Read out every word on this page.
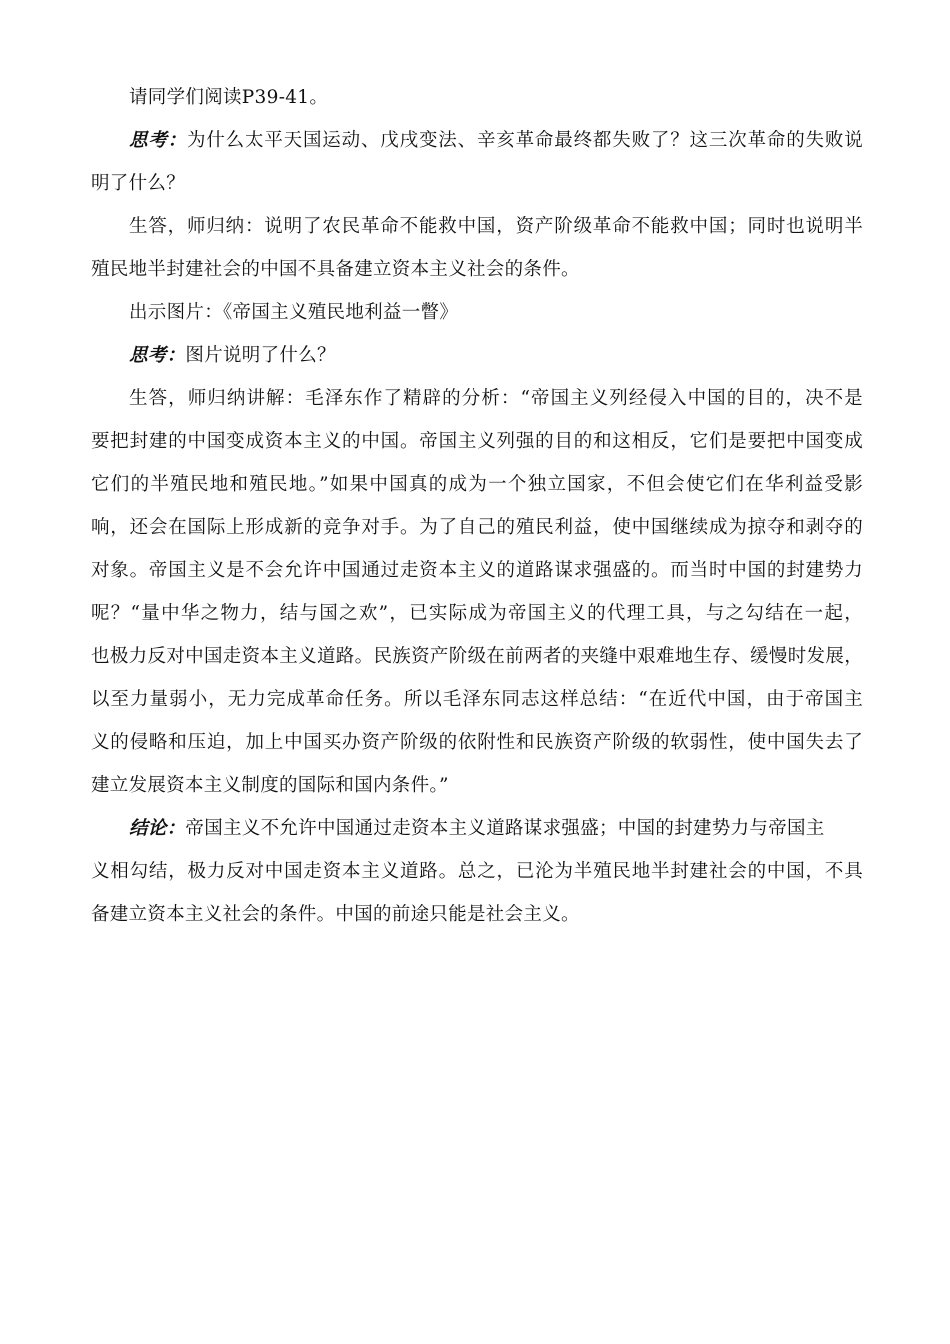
请同学们阅读P39-41。
思考：为什么太平天国运动、戊戌变法、辛亥革命最终都失败了？这三次革命的失败说
明了什么？
生答，师归纳：说明了农民革命不能救中国，资产阶级革命不能救中国；同时也说明半
殖民地半封建社会的中国不具备建立资本主义社会的条件。
出示图片：《帝国主义殖民地利益一瞥》
思考：图片说明了什么？
生答，师归纳讲解：毛泽东作了精辟的分析：“帝国主义列经侵入中国的目的，决不是
要把封建的中国变成资本主义的中国。帝国主义列强的目的和这相反，它们是要把中国变成
它们的半殖民地和殖民地。”如果中国真的成为一个独立国家，不但会使它们在华利益受影
响，还会在国际上形成新的竞争对手。为了自己的殖民利益，使中国继续成为掠夺和剥夺的
对象。帝国主义是不会允许中国通过走资本主义的道路谋求强盛的。而当时中国的封建势力
呢？“量中华之物力，结与国之欢”，已实际成为帝国主义的代理工具，与之勾结在一起，
也极力反对中国走资本主义道路。民族资产阶级在前两者的夹缝中艰难地生存、缓慢时发展，
以至力量弱小，无力完成革命任务。所以毛泽东同志这样总结：“在近代中国，由于帝国主
义的侵略和压迫，加上中国买办资产阶级的依附性和民族资产阶级的软弱性，使中国失去了
建立发展资本主义制度的国际和国内条件。”
结论：帝国主义不允许中国通过走资本主义道路谋求强盛；中国的封建势力与帝国主
义相勾结，极力反对中国走资本主义道路。总之，已沦为半殖民地半封建社会的中国，不具
备建立资本主义社会的条件。中国的前途只能是社会主义。
